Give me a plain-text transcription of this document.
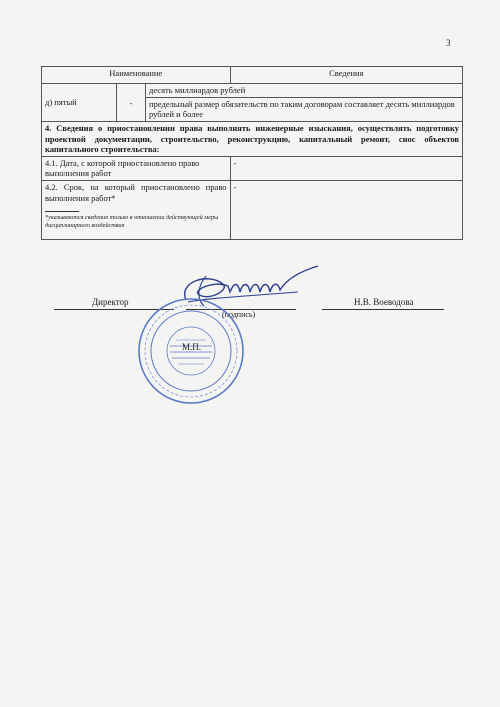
3
Наименование			Сведения
д) пятый		десять миллиардов рублей	
	-	предельный размер обязательств по таким договорам составляет десять миллиардов рублей и более	
4. Сведения о приостановлении права выполнять инженерные изыскания, осуществлять подготовку проектной документации, строительство, реконструкцию, капитальный ремонт, снос объектов капитального строительства:			
4.1. Дата, с которой приостановлено право выполнения работ			-

4.2. Срок, на который приостановлено право выполнения работ*
*указываются сведения только в отношении действующей меры дисциплинарного воздействия			-
Директор
(подпись)
Н.В. Воеводова
М.П.
